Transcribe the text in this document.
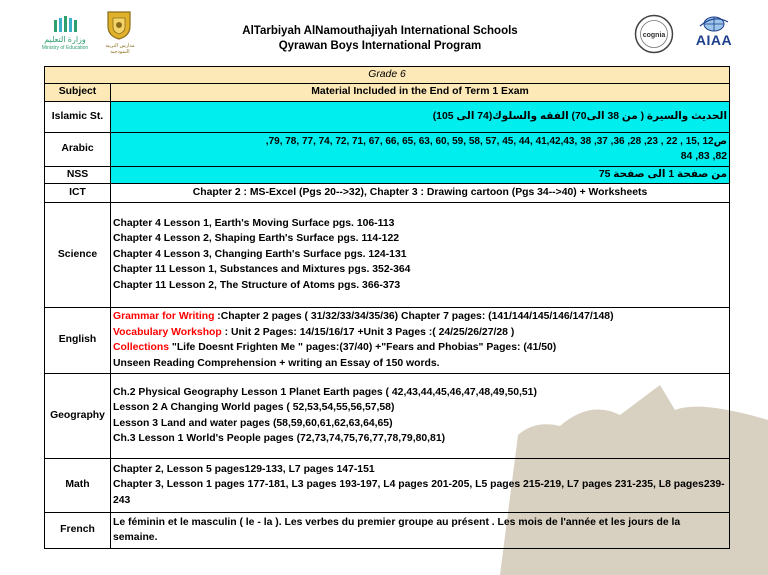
وزارة التعليم
Ministry of Education	مدارس التربية النموذجية
AlTarbiyah AlNamouthajiyah International Schools
Qyrawan Boys International Program
cognia	AIAA
Grade 6	
Subject	Material Included in the End of Term 1 Exam
Islamic St.	الحديث والسيرة ( من 38 الى70) الفقه والسلوك(74 الى 105)
Arabic	ص12 ,15 , 22 , 23, 28, 36, 37, 38 ,41,42,43 ,44 ,45 ,57 ,58 ,59 ,60 ,63 ,65 ,66 ,67 ,71 ,72 ,74 ,77 ,78 ,79,
82, 83, 84

NSS	من صفحة 1 الى صفحة 75
ICT	Chapter 2 : MS-Excel (Pgs 20-->32), Chapter 3 : Drawing cartoon (Pgs 34-->40) + Worksheets
Science	Chapter 4 Lesson 1, Earth's Moving Surface pgs. 106-113
Chapter 4 Lesson 2, Shaping Earth's Surface pgs. 114-122
Chapter 4 Lesson 3, Changing Earth's Surface pgs. 124-131
Chapter 11 Lesson 1, Substances and Mixtures pgs. 352-364
Chapter 11 Lesson 2, The Structure of Atoms pgs. 366-373

English	Grammar for Writing :Chapter 2 pages ( 31/32/33/34/35/36) Chapter 7 pages: (141/144/145/146/147/148)
Vocabulary Workshop : Unit 2 Pages: 14/15/16/17 +Unit 3 Pages :( 24/25/26/27/28 )
Collections "Life Doesnt Frighten Me " pages:(37/40) +"Fears and Phobias" Pages: (41/50)
Unseen Reading Comprehension + writing an Essay of 150 words.

Geography	Ch.2 Physical Geography Lesson 1 Planet Earth pages ( 42,43,44,45,46,47,48,49,50,51)
Lesson 2 A Changing World pages ( 52,53,54,55,56,57,58)
Lesson 3 Land and water pages (58,59,60,61,62,63,64,65)
Ch.3 Lesson 1 World's People pages (72,73,74,75,76,77,78,79,80,81)

Math	Chapter 2, Lesson 5 pages129-133, L7 pages 147-151
Chapter 3, Lesson 1 pages 177-181, L3 pages 193-197, L4 pages 201-205, L5 pages 215-219, L7 pages 231-235, L8 pages239-243

French	Le féminin et le masculin ( le - la ). Les verbes du premier groupe au présent . Les mois de l'année et les jours de la semaine.
